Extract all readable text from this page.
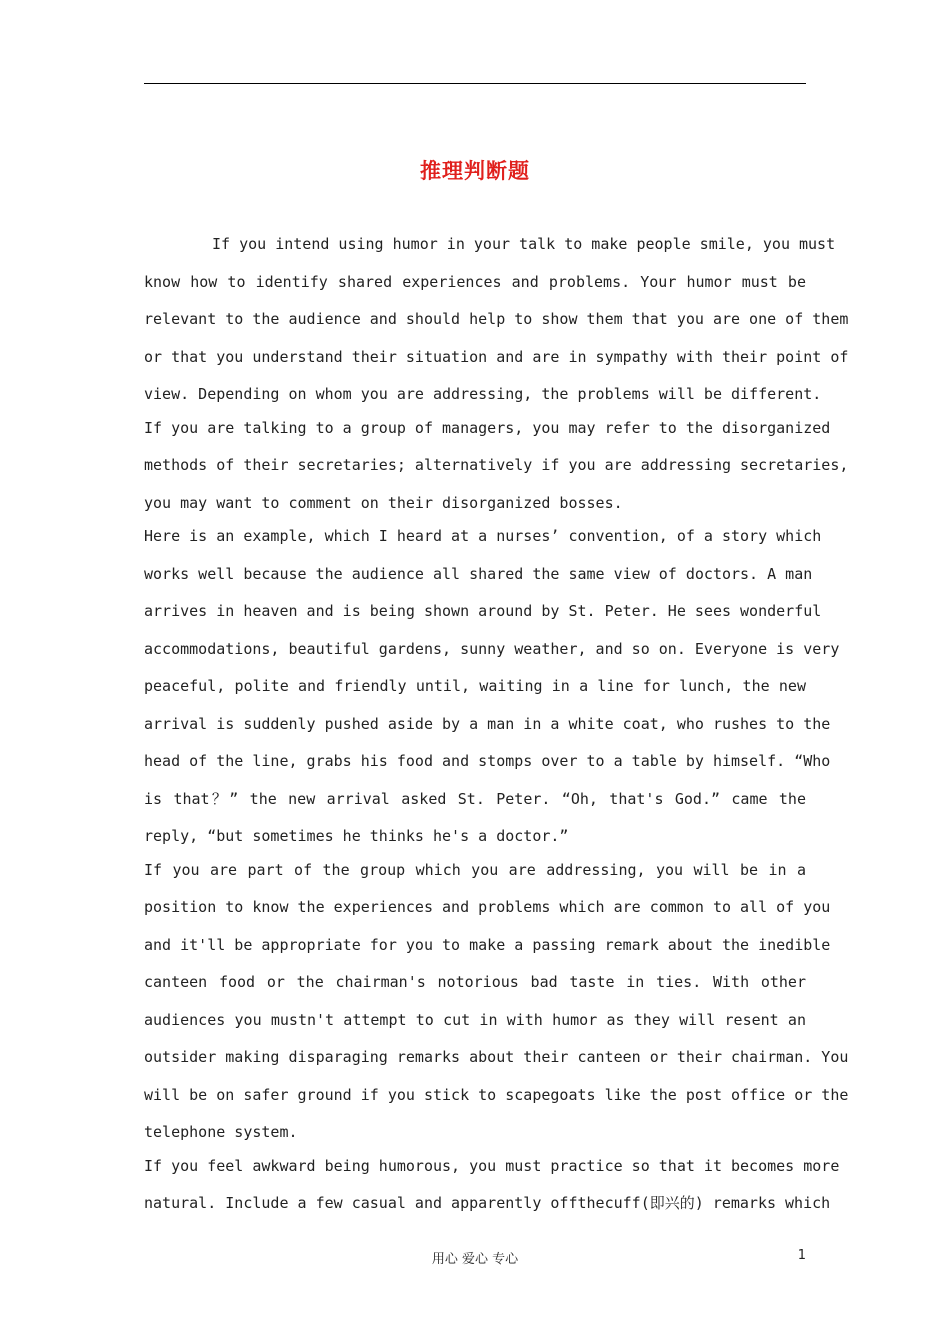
推理判断题
If you intend using humor in your talk to make people smile, you must
know how to identify shared experiences and problems. Your humor must be
relevant to the audience and should help to show them that you are one of them
or that you understand their situation and are in sympathy with their point of
view. Depending on whom you are addressing, the problems will be different.
If you are talking to a group of managers, you may refer to the disorganized
methods of their secretaries; alternatively if you are addressing secretaries,
you may want to comment on their disorganized bosses.
Here is an example, which I heard at a nurses’ convention, of a story which
works well because the audience all shared the same view of doctors. A man
arrives in heaven and is being shown around by St. Peter. He sees wonderful
accommodations, beautiful gardens, sunny weather, and so on. Everyone is very
peaceful, polite and friendly until, waiting in a line for lunch, the new
arrival is suddenly pushed aside by a man in a white coat, who rushes to the
head of the line, grabs his food and stomps over to a table by himself. “Who
is that？” the new arrival asked St. Peter. “Oh, that's God.” came the
reply, “but sometimes he thinks he's a doctor.”
If you are part of the group which you are addressing, you will be in a
position to know the experiences and problems which are common to all of you
and it'll be appropriate for you to make a passing remark about the inedible
canteen food or the chairman's notorious bad taste in ties. With other
audiences you mustn't attempt to cut in with humor as they will resent an
outsider making disparaging remarks about their canteen or their chairman. You
will be on safer ground if you stick to scapegoats like the post office or the
telephone system.
If you feel awkward being humorous, you must practice so that it becomes more
natural. Include a few casual and apparently offthecuff(即兴的) remarks which
用心 爱心 专心	1
